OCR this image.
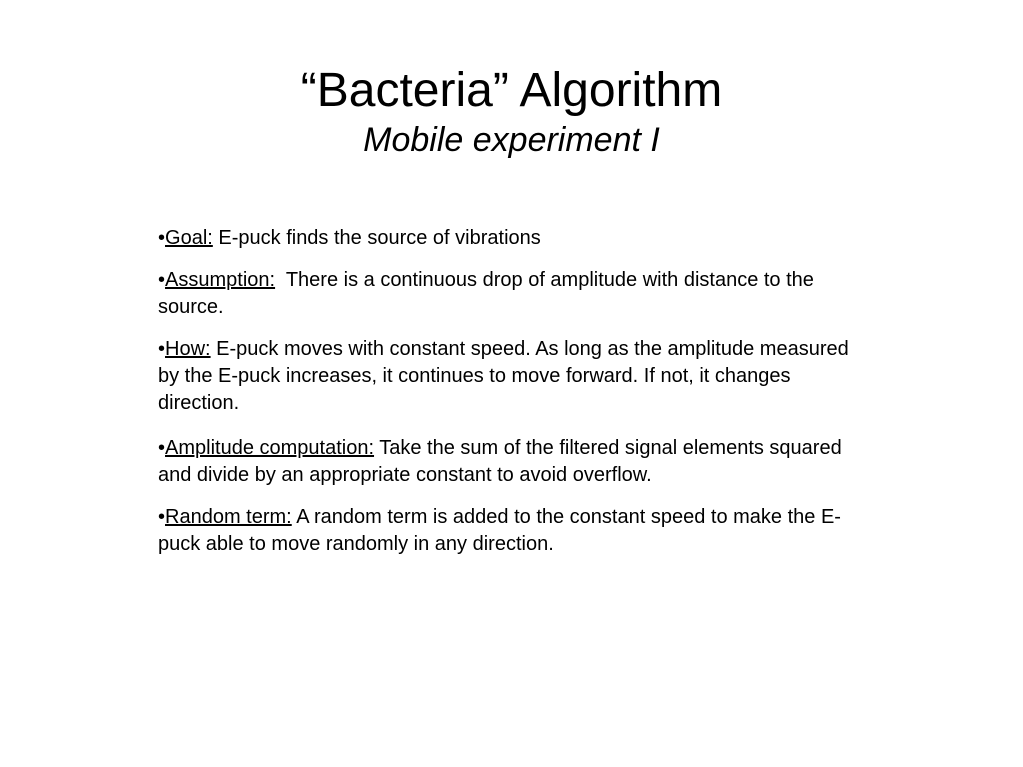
“Bacteria” Algorithm
Mobile experiment I

•Goal: E-puck finds the source of vibrations

•Assumption:  There is a continuous drop of amplitude with distance to the source.

•How: E-puck moves with constant speed. As long as the amplitude measured by the E-puck increases, it continues to move forward. If not, it changes direction.

•Amplitude computation: Take the sum of the filtered signal elements squared and divide by an appropriate constant to avoid overflow.

•Random term: A random term is added to the constant speed to make the E-puck able to move randomly in any direction.
